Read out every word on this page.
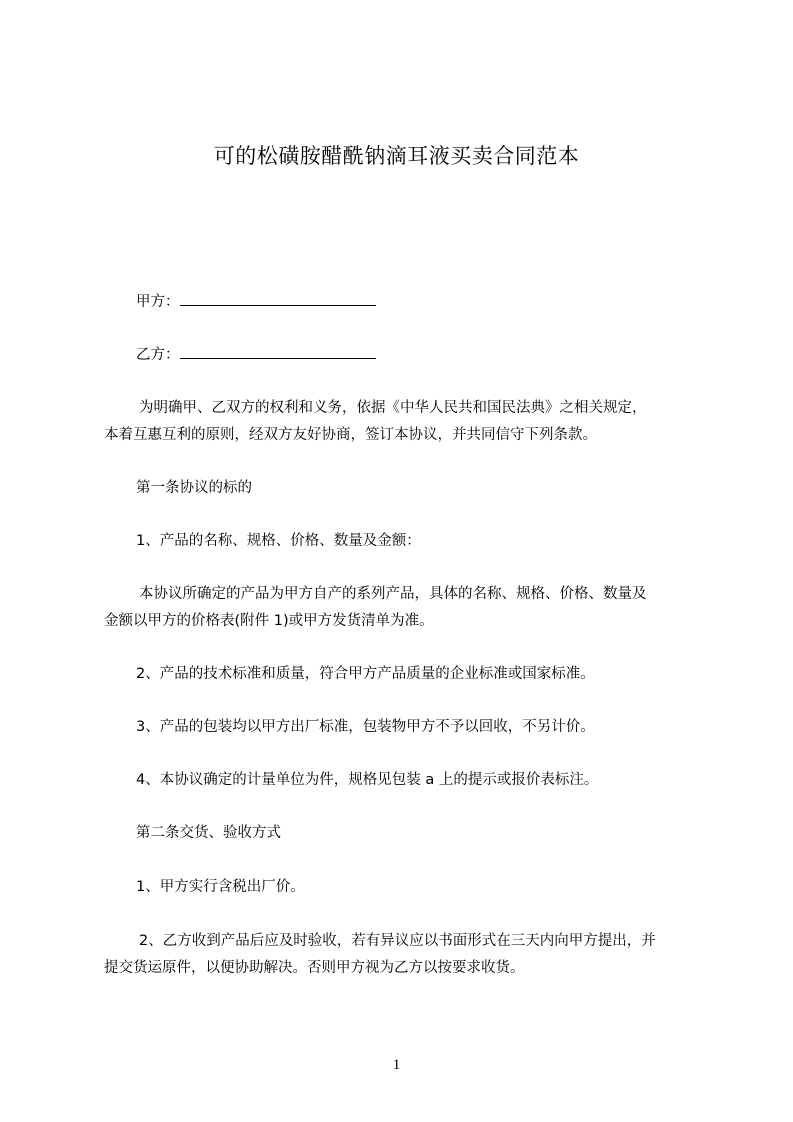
可的松磺胺醋酰钠滴耳液买卖合同范本
甲方：
乙方：
为明确甲、乙双方的权利和义务，依据《中华人民共和国民法典》之相关规定，
本着互惠互利的原则，经双方友好协商，签订本协议，并共同信守下列条款。
第一条协议的标的
1、产品的名称、规格、价格、数量及金额：
本协议所确定的产品为甲方自产的系列产品，具体的名称、规格、价格、数量及
金额以甲方的价格表(附件 1)或甲方发货清单为准。
2、产品的技术标准和质量，符合甲方产品质量的企业标准或国家标准。
3、产品的包装均以甲方出厂标准，包装物甲方不予以回收，不另计价。
4、本协议确定的计量单位为件，规格见包装 a 上的提示或报价表标注。
第二条交货、验收方式
1、甲方实行含税出厂价。
2、乙方收到产品后应及时验收，若有异议应以书面形式在三天内向甲方提出，并
提交货运原件，以便协助解决。否则甲方视为乙方以按要求收货。
1
